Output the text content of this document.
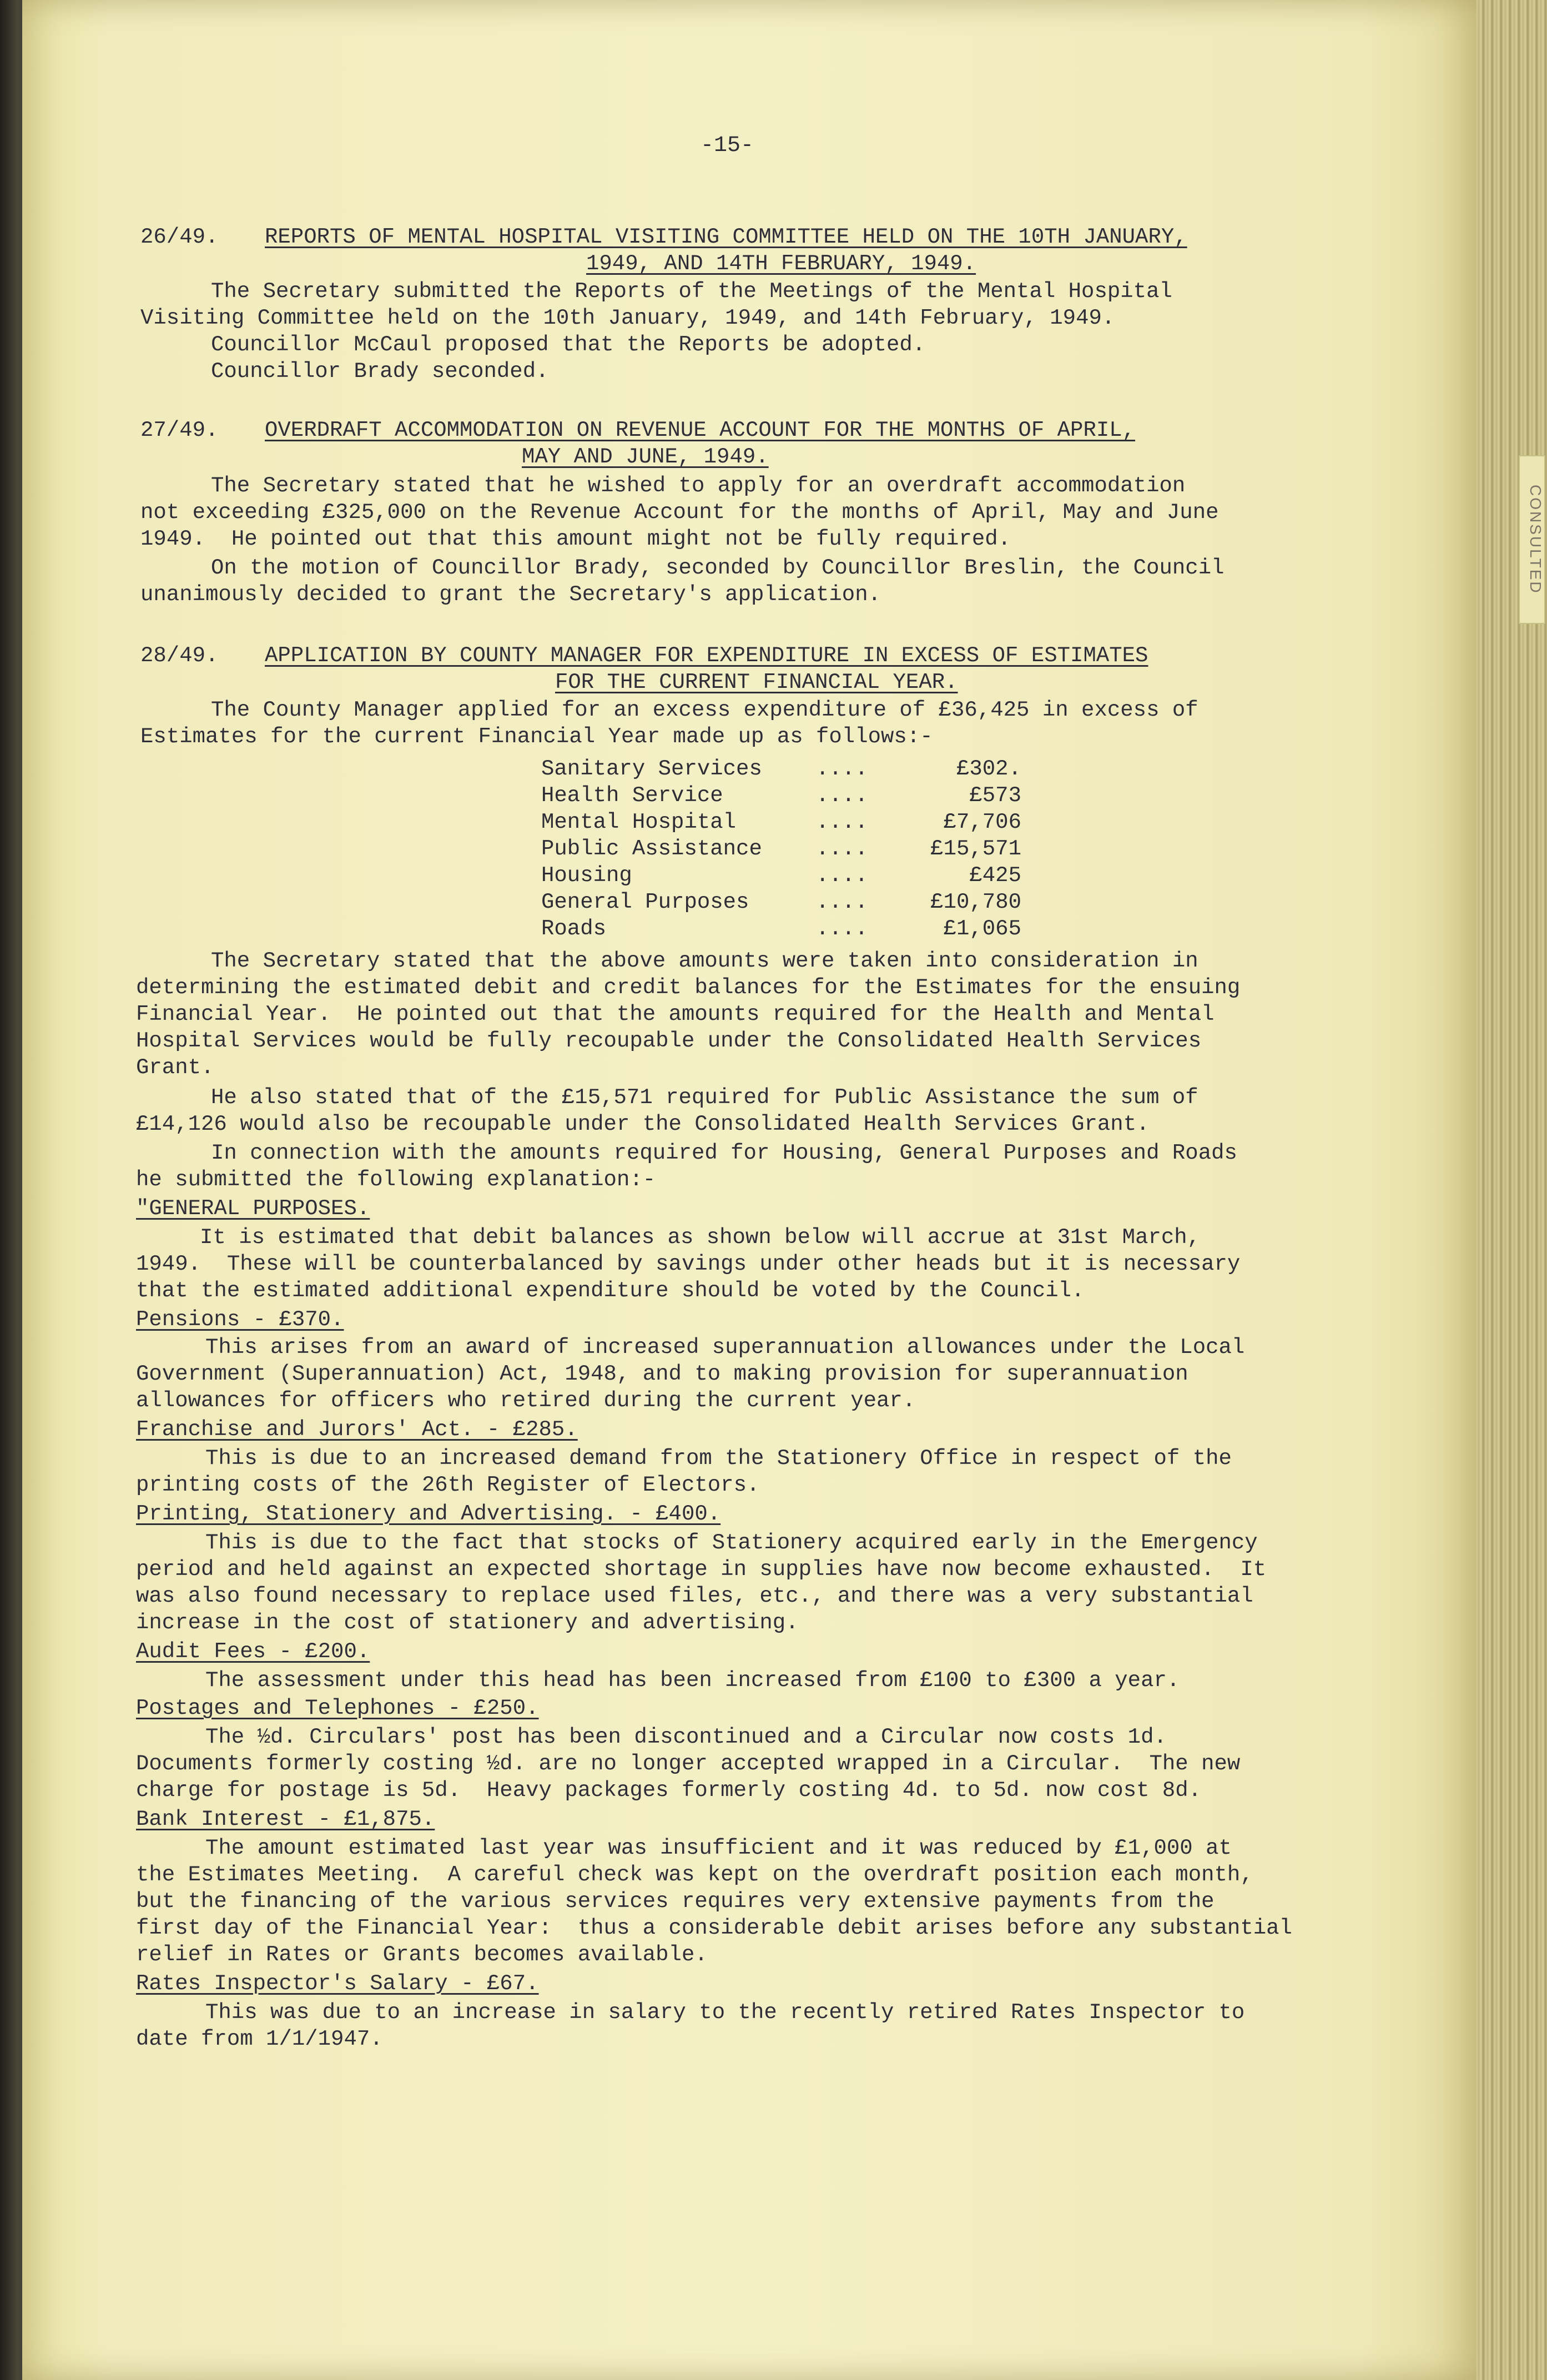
-15-
26/49. REPORTS OF MENTAL HOSPITAL VISITING COMMITTEE HELD ON THE 10TH JANUARY,
1949, AND 14TH FEBRUARY, 1949.
The Secretary submitted the Reports of the Meetings of the Mental Hospital
Visiting Committee held on the 10th January, 1949, and 14th February, 1949.
Councillor McCaul proposed that the Reports be adopted.
Councillor Brady seconded.
27/49. OVERDRAFT ACCOMMODATION ON REVENUE ACCOUNT FOR THE MONTHS OF APRIL,
MAY AND JUNE, 1949.
The Secretary stated that he wished to apply for an overdraft accommodation
not exceeding £325,000 on the Revenue Account for the months of April, May and June
1949.  He pointed out that this amount might not be fully required.
On the motion of Councillor Brady, seconded by Councillor Breslin, the Council
unanimously decided to grant the Secretary's application.
28/49. APPLICATION BY COUNTY MANAGER FOR EXPENDITURE IN EXCESS OF ESTIMATES
FOR THE CURRENT FINANCIAL YEAR.
The County Manager applied for an excess expenditure of £36,425 in excess of
Estimates for the current Financial Year made up as follows:-
Sanitary Services ....	£302.
Health Service	....	£573
Mental Hospital	....	£7,706
Public Assistance ....	£15,571
Housing	....	£425
General Purposes	....	£10,780
Roads	....	£1,065
The Secretary stated that the above amounts were taken into consideration in
determining the estimated debit and credit balances for the Estimates for the ensuing
Financial Year.  He pointed out that the amounts required for the Health and Mental
Hospital Services would be fully recoupable under the Consolidated Health Services
Grant.
He also stated that of the £15,571 required for Public Assistance the sum of
£14,126 would also be recoupable under the Consolidated Health Services Grant.
In connection with the amounts required for Housing, General Purposes and Roads
he submitted the following explanation:-
"GENERAL PURPOSES.
It is estimated that debit balances as shown below will accrue at 31st March,
1949.  These will be counterbalanced by savings under other heads but it is necessary
that the estimated additional expenditure should be voted by the Council.
Pensions - £370.
This arises from an award of increased superannuation allowances under the Local
Government (Superannuation) Act, 1948, and to making provision for superannuation
allowances for officers who retired during the current year.
Franchise and Jurors' Act. - £285.
This is due to an increased demand from the Stationery Office in respect of the
printing costs of the 26th Register of Electors.
Printing, Stationery and Advertising. - £400.
This is due to the fact that stocks of Stationery acquired early in the Emergency
period and held against an expected shortage in supplies have now become exhausted.  It
was also found necessary to replace used files, etc., and there was a very substantial
increase in the cost of stationery and advertising.
Audit Fees - £200.
The assessment under this head has been increased from £100 to £300 a year.
Postages and Telephones - £250.
The ½d. Circulars' post has been discontinued and a Circular now costs 1d.
Documents formerly costing ½d. are no longer accepted wrapped in a Circular.  The new
charge for postage is 5d.  Heavy packages formerly costing 4d. to 5d. now cost 8d.
Bank Interest - £1,875.
The amount estimated last year was insufficient and it was reduced by £1,000 at
the Estimates Meeting.  A careful check was kept on the overdraft position each month,
but the financing of the various services requires very extensive payments from the
first day of the Financial Year:  thus a considerable debit arises before any substantial
relief in Rates or Grants becomes available.
Rates Inspector's Salary - £67.
This was due to an increase in salary to the recently retired Rates Inspector to
date from 1/1/1947.
CONSULTED
